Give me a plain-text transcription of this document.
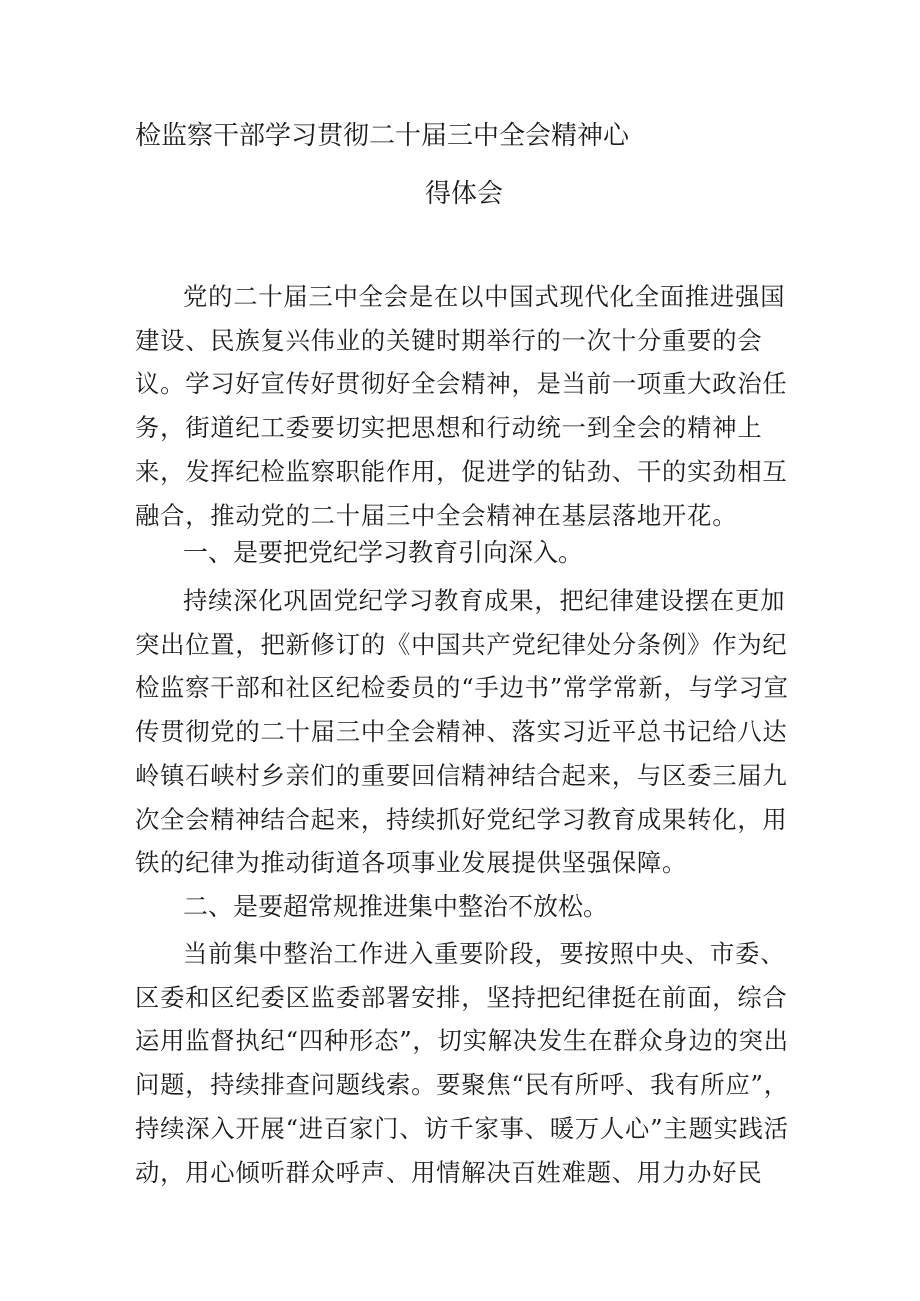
检监察干部学习贯彻二十届三中全会精神心
得体会

党的二十届三中全会是在以中国式现代化全面推进强国建设、民族复兴伟业的关键时期举行的一次十分重要的会议。学习好宣传好贯彻好全会精神，是当前一项重大政治任务，街道纪工委要切实把思想和行动统一到全会的精神上来，发挥纪检监察职能作用，促进学的钻劲、干的实劲相互融合，推动党的二十届三中全会精神在基层落地开花。

一、是要把党纪学习教育引向深入。

持续深化巩固党纪学习教育成果，把纪律建设摆在更加突出位置，把新修订的《中国共产党纪律处分条例》作为纪检监察干部和社区纪检委员的“手边书”常学常新，与学习宣传贯彻党的二十届三中全会精神、落实习近平总书记给八达岭镇石峡村乡亲们的重要回信精神结合起来，与区委三届九次全会精神结合起来，持续抓好党纪学习教育成果转化，用铁的纪律为推动街道各项事业发展提供坚强保障。

二、是要超常规推进集中整治不放松。

当前集中整治工作进入重要阶段，要按照中央、市委、区委和区纪委区监委部署安排，坚持把纪律挺在前面，综合运用监督执纪“四种形态”，切实解决发生在群众身边的突出问题，持续排查问题线索。要聚焦“民有所呼、我有所应”，持续深入开展“进百家门、访千家事、暖万人心”主题实践活动，用心倾听群众呼声、用情解决百姓难题、用力办好民
